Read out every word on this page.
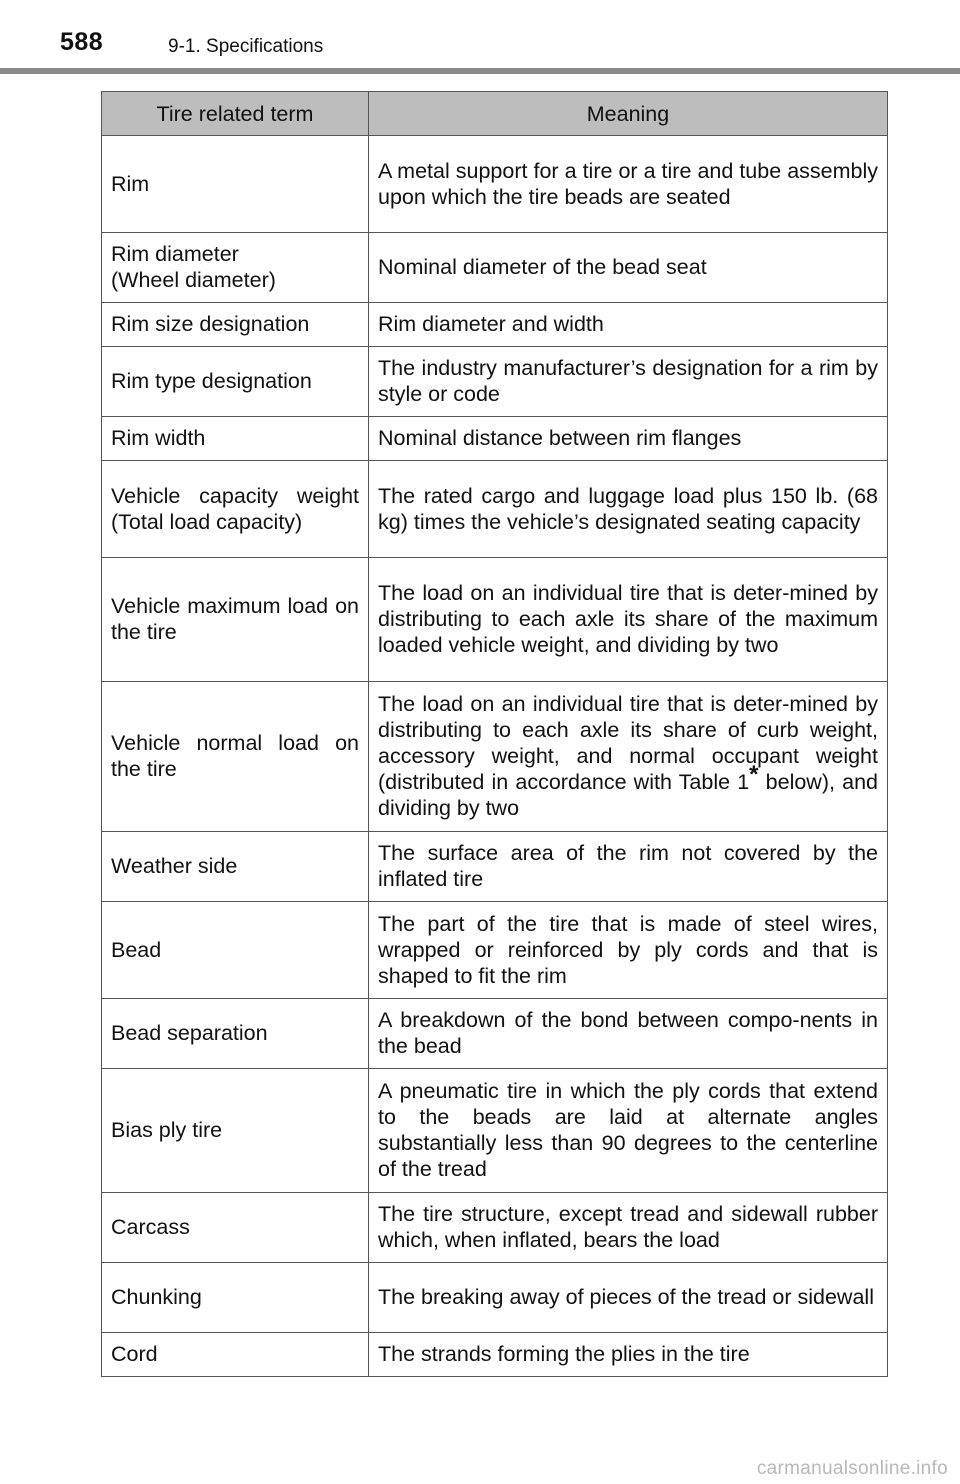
588	9-1. Specifications
Tire related term	Meaning
Rim	A metal support for a tire or a tire and tube assembly upon which the tire beads are seated
Rim diameter
(Wheel diameter)	Nominal diameter of the bead seat
Rim size designation	Rim diameter and width
Rim type designation	The industry manufacturer’s designation for a rim by style or code
Rim width	Nominal distance between rim flanges
Vehicle capacity weight (Total load capacity)	The rated cargo and luggage load plus 150 lb. (68 kg) times the vehicle’s designated seating capacity
Vehicle maximum load on the tire	The load on an individual tire that is deter-mined by distributing to each axle its share of the maximum loaded vehicle weight, and dividing by two
Vehicle normal load on the tire	The load on an individual tire that is deter-mined by distributing to each axle its share of curb weight, accessory weight, and normal occupant weight (distributed in accordance with Table 1* below), and dividing by two
Weather side	The surface area of the rim not covered by the inflated tire
Bead	The part of the tire that is made of steel wires, wrapped or reinforced by ply cords and that is shaped to fit the rim
Bead separation	A breakdown of the bond between compo-nents in the bead
Bias ply tire	A pneumatic tire in which the ply cords that extend to the beads are laid at alternate angles substantially less than 90 degrees to the centerline of the tread
Carcass	The tire structure, except tread and sidewall rubber which, when inflated, bears the load
Chunking	The breaking away of pieces of the tread or sidewall
Cord	The strands forming the plies in the tire
carmanualsonline.info
